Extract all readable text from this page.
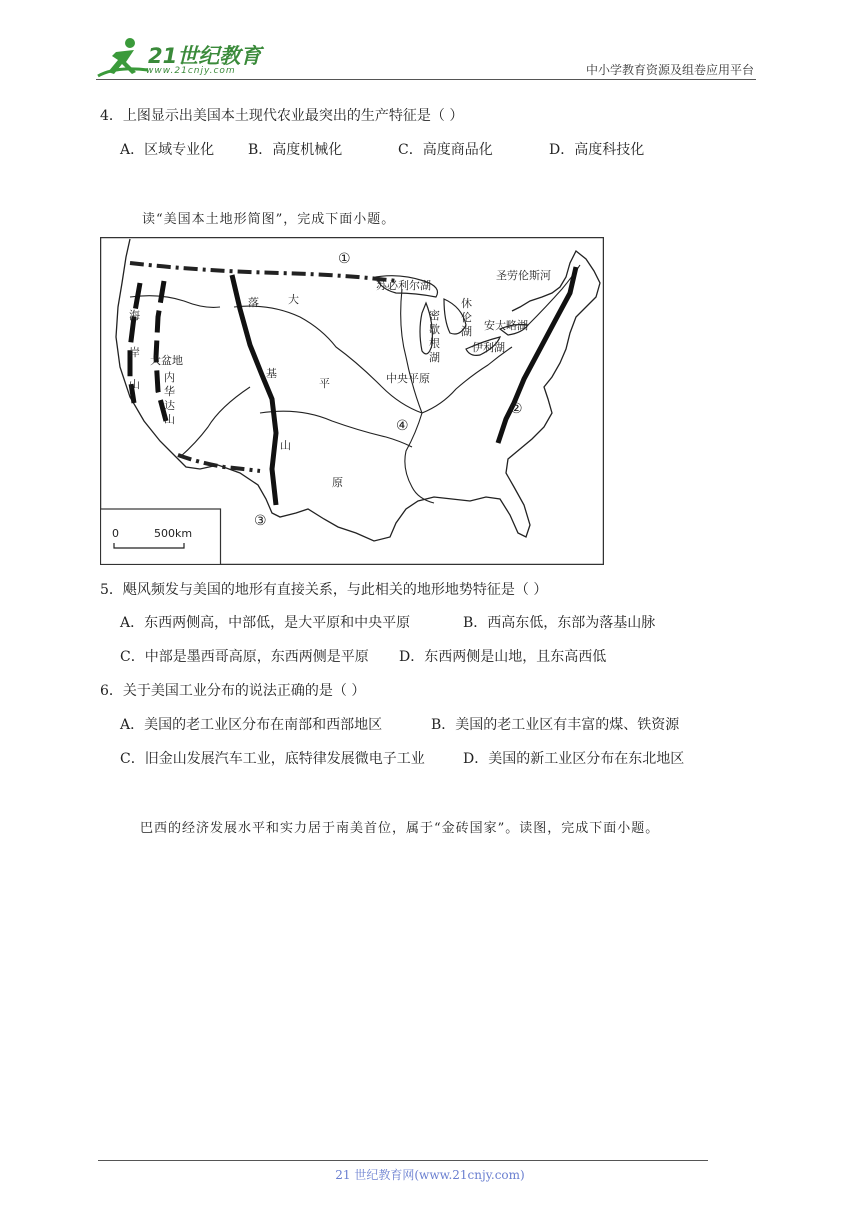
21世纪教育
www.21cnjy.com	中小学教育资源及组卷应用平台
4．上图显示出美国本土现代农业最突出的生产特征是（ ）
A．区域专业化 B．高度机械化	C．高度商品化	D．高度科技化
读“美国本土地形简图”，完成下面小题。
①
②
③
④
苏必利尔湖
圣劳伦斯河
休
伦
湖
密
歇
根
湖
安大略湖
伊利湖
中央平原
海
岸
山
大盆地
内
华
达
山
落
基
山
大
平
原
0	500km
5．飓风频发与美国的地形有直接关系，与此相关的地形地势特征是（ ）
A．东西两侧高，中部低，是大平原和中央平原	B．西高东低，东部为落基山脉
C．中部是墨西哥高原，东西两侧是平原 D．东西两侧是山地，且东高西低
6．关于美国工业分布的说法正确的是（ ）
A．美国的老工业区分布在南部和西部地区	B．美国的老工业区有丰富的煤、铁资源
C．旧金山发展汽车工业，底特律发展微电子工业	D．美国的新工业区分布在东北地区
巴西的经济发展水平和实力居于南美首位，属于“金砖国家”。读图，完成下面小题。
21 世纪教育网(www.21cnjy.com)
